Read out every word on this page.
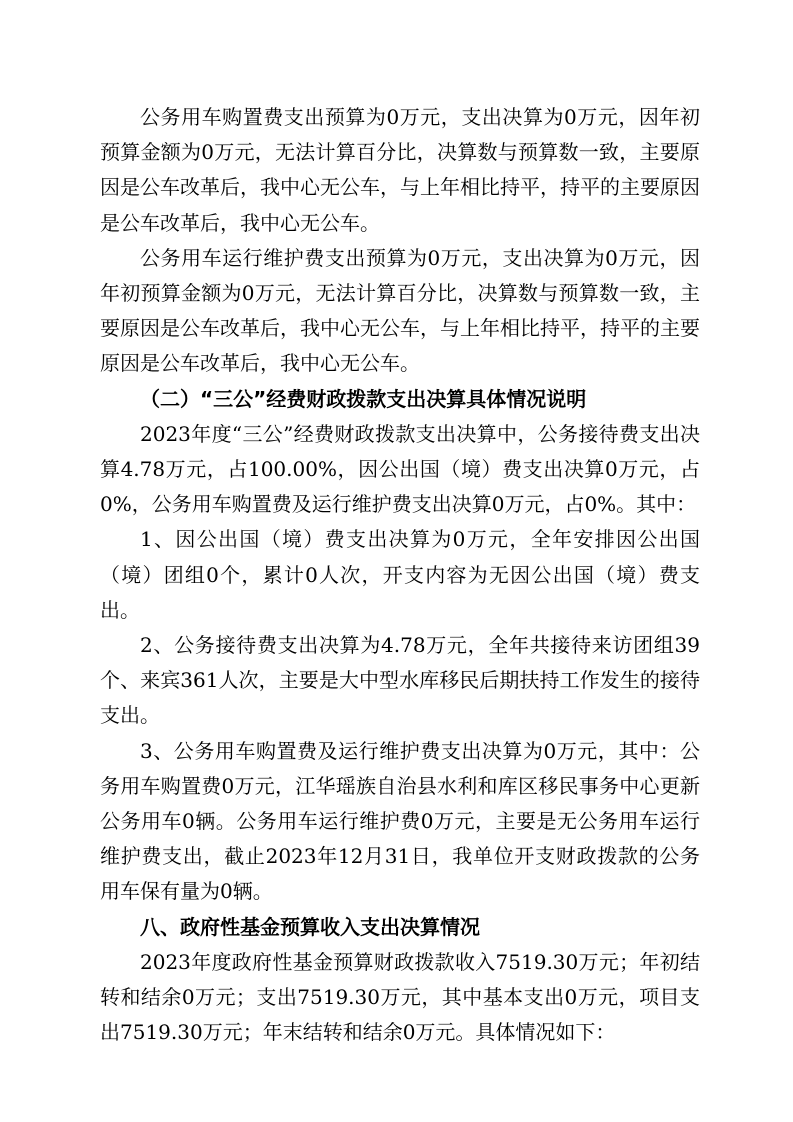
公务用车购置费支出预算为0万元，支出决算为0万元，因年初预算金额为0万元，无法计算百分比，决算数与预算数一致，主要原因是公车改革后，我中心无公车，与上年相比持平，持平的主要原因是公车改革后，我中心无公车。

公务用车运行维护费支出预算为0万元，支出决算为0万元，因年初预算金额为0万元，无法计算百分比，决算数与预算数一致，主要原因是公车改革后，我中心无公车，与上年相比持平，持平的主要原因是公车改革后，我中心无公车。

（二）“三公”经费财政拨款支出决算具体情况说明

2023年度“三公”经费财政拨款支出决算中，公务接待费支出决算4.78万元，占100.00%，因公出国（境）费支出决算0万元，占0%，公务用车购置费及运行维护费支出决算0万元，占0%。其中：

1、因公出国（境）费支出决算为0万元，全年安排因公出国（境）团组0个，累计0人次，开支内容为无因公出国（境）费支出。

2、公务接待费支出决算为4.78万元，全年共接待来访团组39个、来宾361人次，主要是大中型水库移民后期扶持工作发生的接待支出。

3、公务用车购置费及运行维护费支出决算为0万元，其中：公务用车购置费0万元，江华瑶族自治县水利和库区移民事务中心更新公务用车0辆。公务用车运行维护费0万元，主要是无公务用车运行维护费支出，截止2023年12月31日，我单位开支财政拨款的公务用车保有量为0辆。

八、政府性基金预算收入支出决算情况

2023年度政府性基金预算财政拨款收入7519.30万元；年初结转和结余0万元；支出7519.30万元，其中基本支出0万元，项目支出7519.30万元；年末结转和结余0万元。具体情况如下：
